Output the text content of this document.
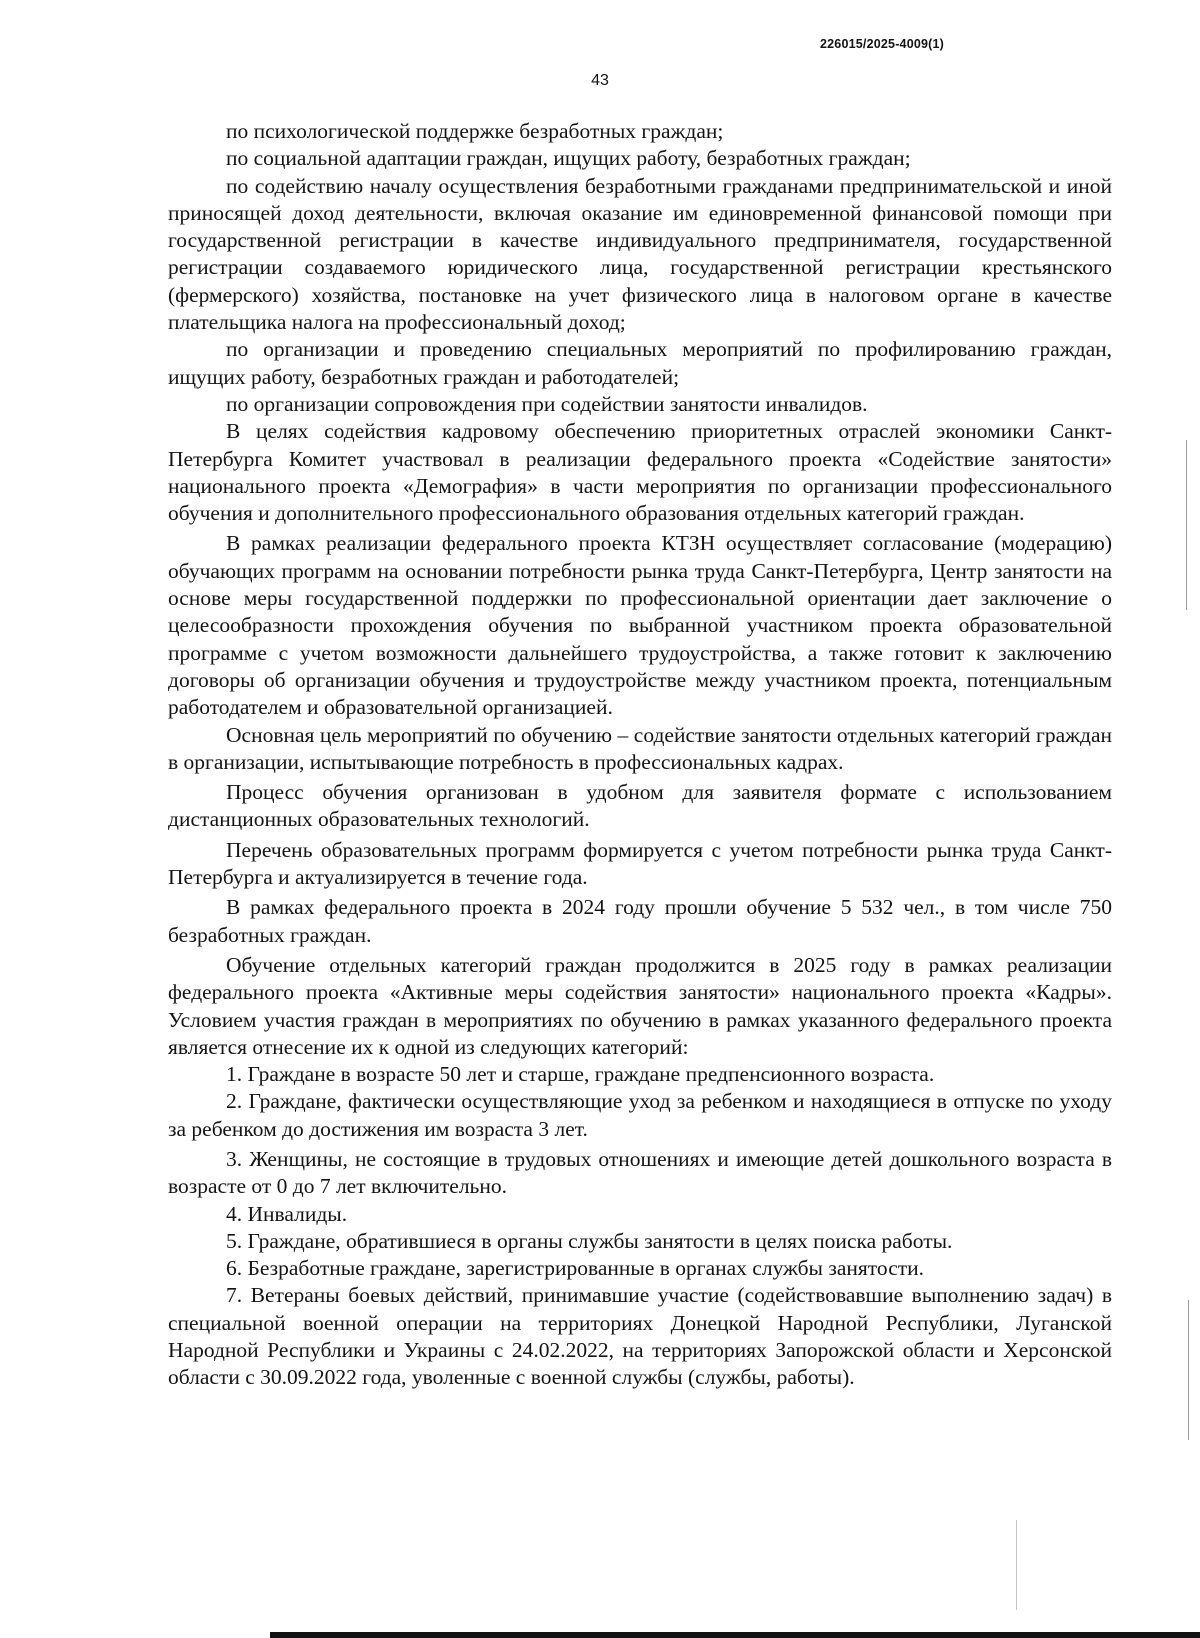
226015/2025-4009(1)
43

по психологической поддержке безработных граждан;

по социальной адаптации граждан, ищущих работу, безработных граждан;

по содействию началу осуществления безработными гражданами предпринимательской и иной приносящей доход деятельности, включая оказание им единовременной финансовой помощи при государственной регистрации в качестве индивидуального предпринимателя, государственной регистрации создаваемого юридического лица, государственной регистрации крестьянского (фермерского) хозяйства, постановке на учет физического лица в налоговом органе в качестве плательщика налога на профессиональный доход;

по организации и проведению специальных мероприятий по профилированию граждан, ищущих работу, безработных граждан и работодателей;

по организации сопровождения при содействии занятости инвалидов.

В целях содействия кадровому обеспечению приоритетных отраслей экономики Санкт-Петербурга Комитет участвовал в реализации федерального проекта «Содействие занятости» национального проекта «Демография» в части мероприятия по организации профессионального обучения и дополнительного профессионального образования отдельных категорий граждан.

В рамках реализации федерального проекта КТЗН осуществляет согласование (модерацию) обучающих программ на основании потребности рынка труда Санкт-Петербурга, Центр занятости на основе меры государственной поддержки по профессиональной ориентации дает заключение о целесообразности прохождения обучения по выбранной участником проекта образовательной программе с учетом возможности дальнейшего трудоустройства, а также готовит к заключению договоры об организации обучения и трудоустройстве между участником проекта, потенциальным работодателем и образовательной организацией.

Основная цель мероприятий по обучению – содействие занятости отдельных категорий граждан в организации, испытывающие потребность в профессиональных кадрах.

Процесс обучения организован в удобном для заявителя формате с использованием дистанционных образовательных технологий.

Перечень образовательных программ формируется с учетом потребности рынка труда Санкт-Петербурга и актуализируется в течение года.

В рамках федерального проекта в 2024 году прошли обучение 5 532 чел., в том числе 750 безработных граждан.

Обучение отдельных категорий граждан продолжится в 2025 году в рамках реализации федерального проекта «Активные меры содействия занятости» национального проекта «Кадры». Условием участия граждан в мероприятиях по обучению в рамках указанного федерального проекта является отнесение их к одной из следующих категорий:

1. Граждане в возрасте 50 лет и старше, граждане предпенсионного возраста.

2. Граждане, фактически осуществляющие уход за ребенком и находящиеся в отпуске по уходу за ребенком до достижения им возраста 3 лет.

3. Женщины, не состоящие в трудовых отношениях и имеющие детей дошкольного возраста в возрасте от 0 до 7 лет включительно.

4. Инвалиды.

5. Граждане, обратившиеся в органы службы занятости в целях поиска работы.

6. Безработные граждане, зарегистрированные в органах службы занятости.

7. Ветераны боевых действий, принимавшие участие (содействовавшие выполнению задач) в специальной военной операции на территориях Донецкой Народной Республики, Луганской Народной Республики и Украины с 24.02.2022, на территориях Запорожской области и Херсонской области с 30.09.2022 года, уволенные с военной службы (службы, работы).
